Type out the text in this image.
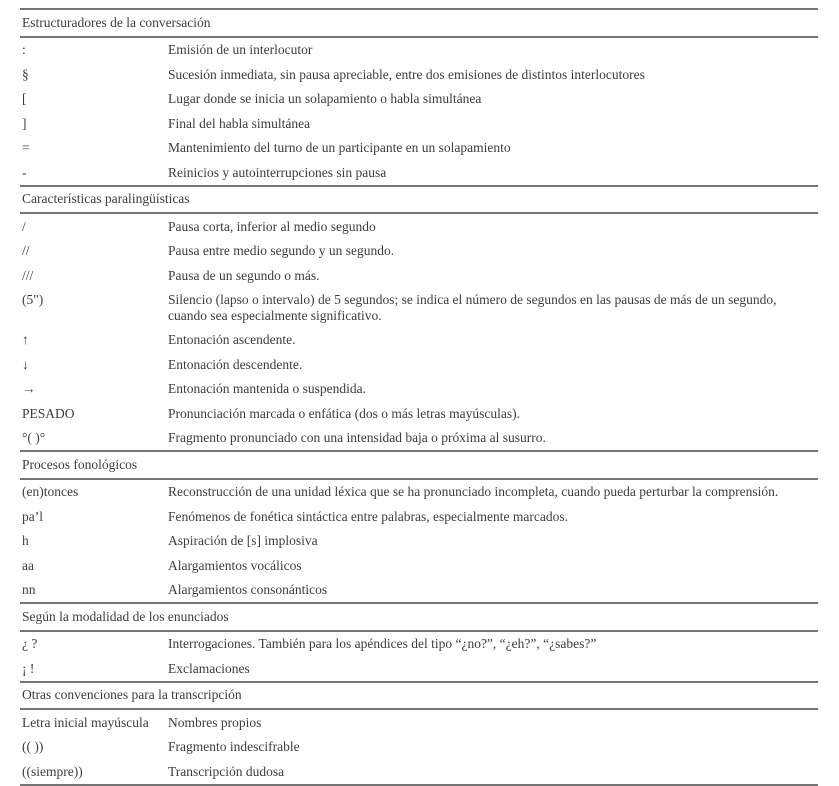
Estructuradores de la conversación
:	Emisión de un interlocutor
§	Sucesión inmediata, sin pausa apreciable, entre dos emisiones de distintos interlocutores
[	Lugar donde se inicia un solapamiento o habla simultánea
]	Final del habla simultánea
=	Mantenimiento del turno de un participante en un solapamiento
-	Reinicios y autointerrupciones sin pausa
Características paralingüísticas
/	Pausa corta, inferior al medio segundo
//	Pausa entre medio segundo y un segundo.
///	Pausa de un segundo o más.
(5")	Silencio (lapso o intervalo) de 5 segundos; se indica el número de segundos en las pausas de más de un segundo, cuando sea especialmente significativo.
↑	Entonación ascendente.
↓	Entonación descendente.
→	Entonación mantenida o suspendida.
PESADO	Pronunciación marcada o enfática (dos o más letras mayúsculas).
°( )°	Fragmento pronunciado con una intensidad baja o próxima al susurro.
Procesos fonológicos
(en)tonces	Reconstrucción de una unidad léxica que se ha pronunciado incompleta, cuando pueda perturbar la comprensión.
pa’l	Fenómenos de fonética sintáctica entre palabras, especialmente marcados.
h	Aspiración de [s] implosiva
aa	Alargamientos vocálicos
nn	Alargamientos consonánticos
Según la modalidad de los enunciados
¿ ?	Interrogaciones. También para los apéndices del tipo “¿no?”, “¿eh?”, “¿sabes?”
¡ !	Exclamaciones
Otras convenciones para la transcripción
Letra inicial mayúscula	Nombres propios
(( ))	Fragmento indescifrable
((siempre))	Transcripción dudosa
